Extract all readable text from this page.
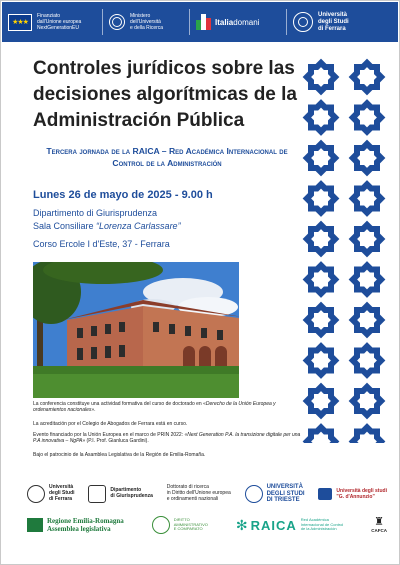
★★★
Finanziato
dall'Unione europea
NextGenerationEU
Ministero
dell'Università
e della Ricerca
Italiadomani
Università
degli Studi
di Ferrara
Controles jurídicos sobre las decisiones algorítmicas de la Administración Pública
Tercera jornada de la RAICA – Red Académica Internacional de Control de la Administración
Lunes 26 de mayo de 2025 - 9.00 h
Dipartimento di Giurisprudenza
Sala Consiliare “Lorenza Carlassare”
Corso Ercole I d'Este, 37 - Ferrara
La conferencia constituye una actividad formativa del curso de doctorado en «Derecho de la Unión Europea y ordenamientos nacionales».
La acreditación por el Colegio de Abogados de Ferrara está en curso.
Evento financiado por la Unión Europea en el marco de PRIN 2022: «Next Generation P.A. la transizione digitale per una P.A innovativa – NgPA» (P.I. Prof. Gianluca Gardini).
Bajo el patrocinio de la Asamblea Legislativa de la Región de Emilia-Romaña.
Università
degli Studi
di Ferrara
Dipartimento
di Giurisprudenza
Dottorato di ricerca
in Diritto dell'Unione europea
e ordinamenti nazionali
UNIVERSITÀ
DEGLI STUDI
DI TRIESTE
Università degli studi
"G. d'Annunzio"
Regione Emilia-Romagna
Assemblea legislativa
DIRITTO
AMMINISTRATIVO
E COMPARATO	✻ RAICA Red Académica
Internacional de Control
de la Administración
♜
CAFCA
